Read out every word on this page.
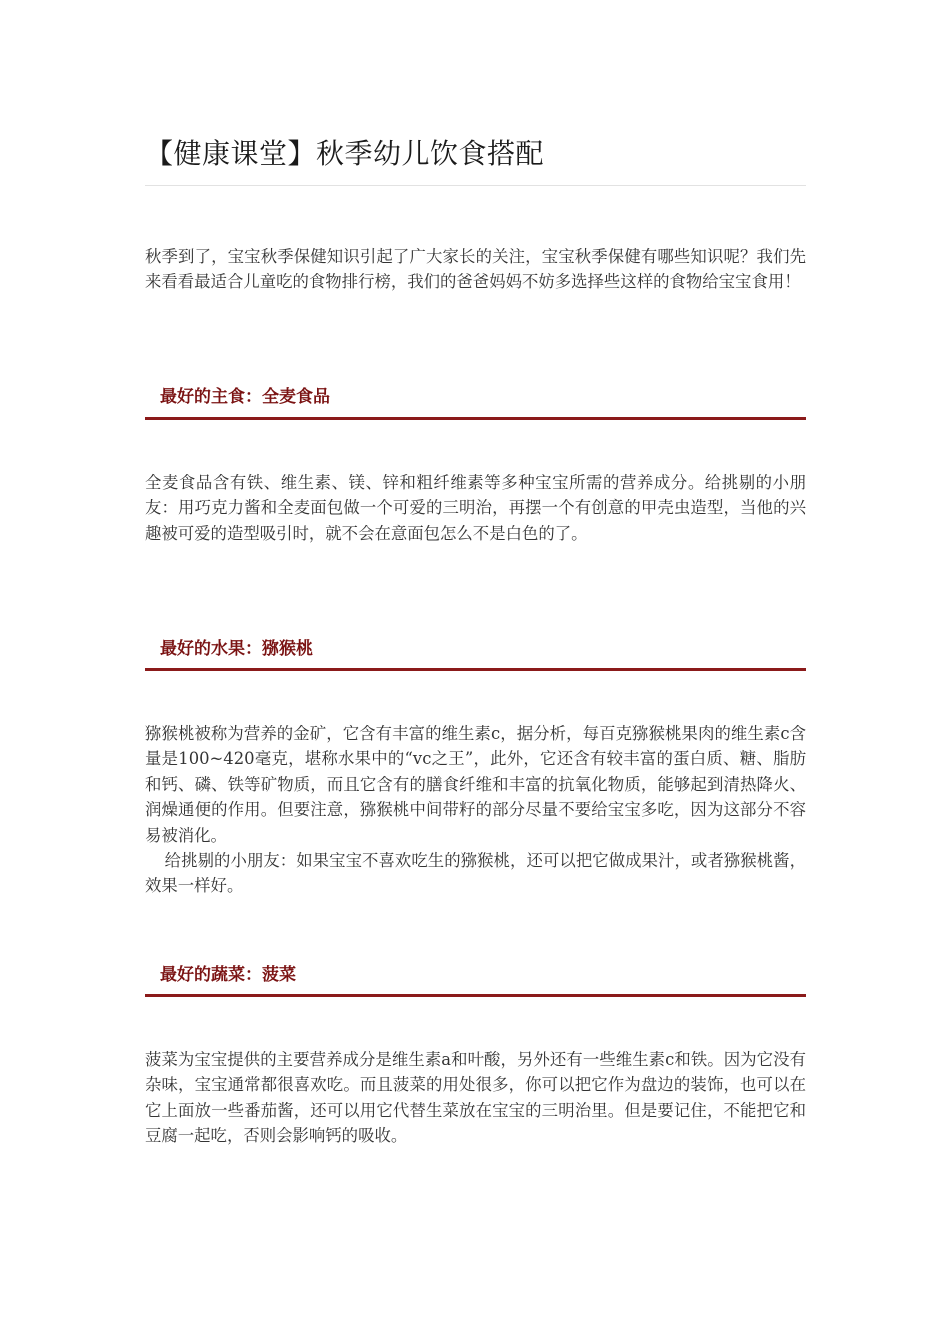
【健康课堂】秋季幼儿饮食搭配

秋季到了，宝宝秋季保健知识引起了广大家长的关注，宝宝秋季保健有哪些知识呢？我们先来看看最适合儿童吃的食物排行榜，我们的爸爸妈妈不妨多选择些这样的食物给宝宝食用！

最好的主食：全麦食品

全麦食品含有铁、维生素、镁、锌和粗纤维素等多种宝宝所需的营养成分。给挑剔的小朋友：用巧克力酱和全麦面包做一个可爱的三明治，再摆一个有创意的甲壳虫造型，当他的兴趣被可爱的造型吸引时，就不会在意面包怎么不是白色的了。

最好的水果：猕猴桃

猕猴桃被称为营养的金矿，它含有丰富的维生素c，据分析，每百克猕猴桃果肉的维生素c含量是100~420毫克，堪称水果中的“vc之王”，此外，它还含有较丰富的蛋白质、糖、脂肪和钙、磷、铁等矿物质，而且它含有的膳食纤维和丰富的抗氧化物质，能够起到清热降火、润燥通便的作用。但要注意，猕猴桃中间带籽的部分尽量不要给宝宝多吃，因为这部分不容易被消化。

给挑剔的小朋友：如果宝宝不喜欢吃生的猕猴桃，还可以把它做成果汁，或者猕猴桃酱，效果一样好。

最好的蔬菜：菠菜

菠菜为宝宝提供的主要营养成分是维生素a和叶酸，另外还有一些维生素c和铁。因为它没有杂味，宝宝通常都很喜欢吃。而且菠菜的用处很多，你可以把它作为盘边的装饰，也可以在它上面放一些番茄酱，还可以用它代替生菜放在宝宝的三明治里。但是要记住，不能把它和豆腐一起吃，否则会影响钙的吸收。
